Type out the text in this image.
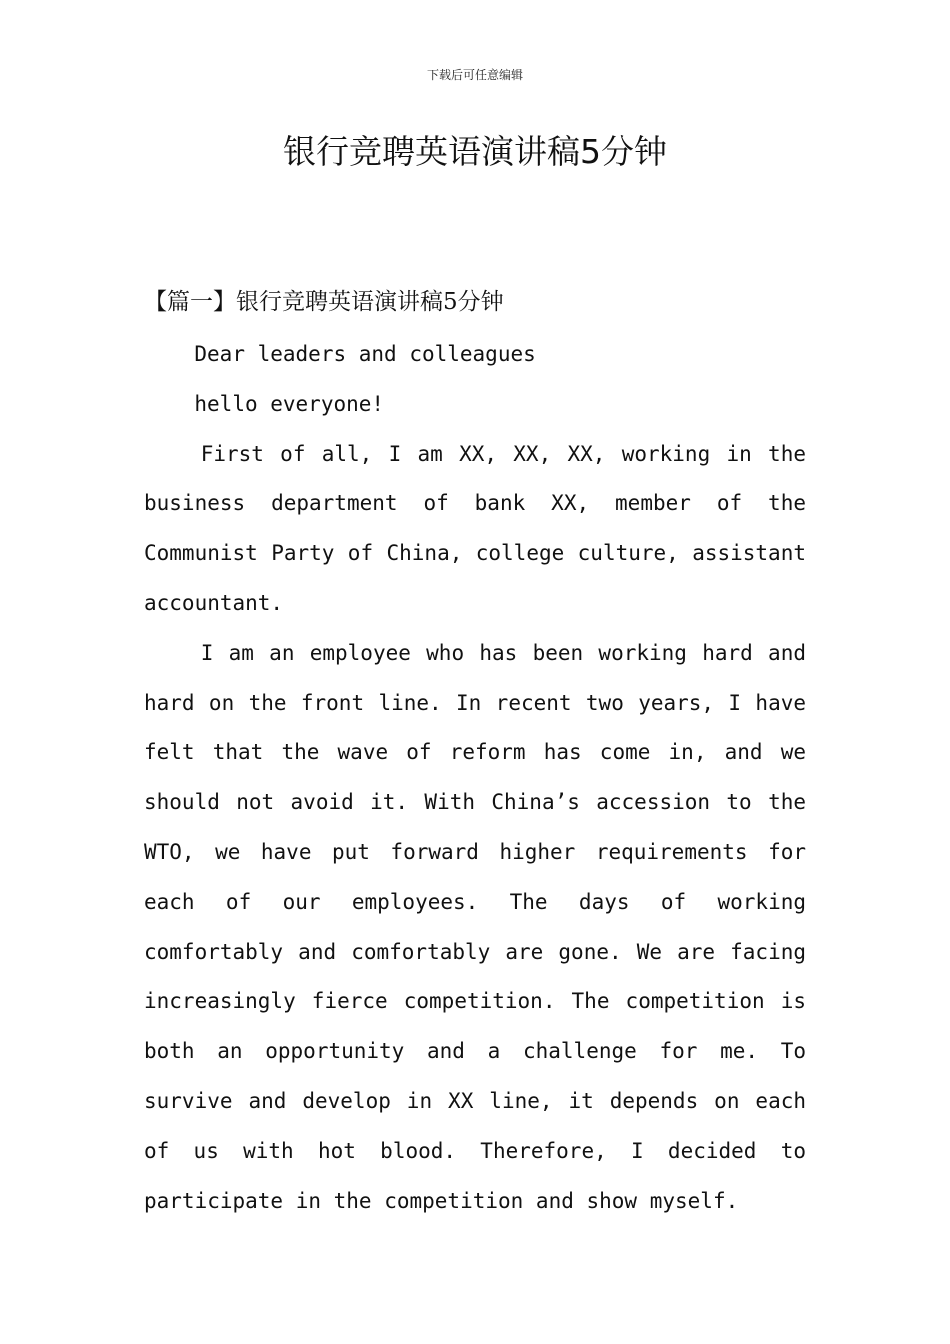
下载后可任意编辑
银行竞聘英语演讲稿5分钟
【篇一】银行竞聘英语演讲稿5分钟

Dear leaders and colleagues

hello everyone!

First of all, I am XX, XX, XX, working in the business department of bank XX, member of the Communist Party of China, college culture, assistant accountant.

I am an employee who has been working hard and hard on the front line. In recent two years, I have felt that the wave of reform has come in, and we should not avoid it. With China’s accession to the WTO, we have put forward higher requirements for each of our employees. The days of working comfortably and comfortably are gone. We are facing increasingly fierce competition. The competition is both an opportunity and a challenge for me. To survive and develop in XX line, it depends on each of us with hot blood. Therefore, I decided to participate in the competition and show myself.
